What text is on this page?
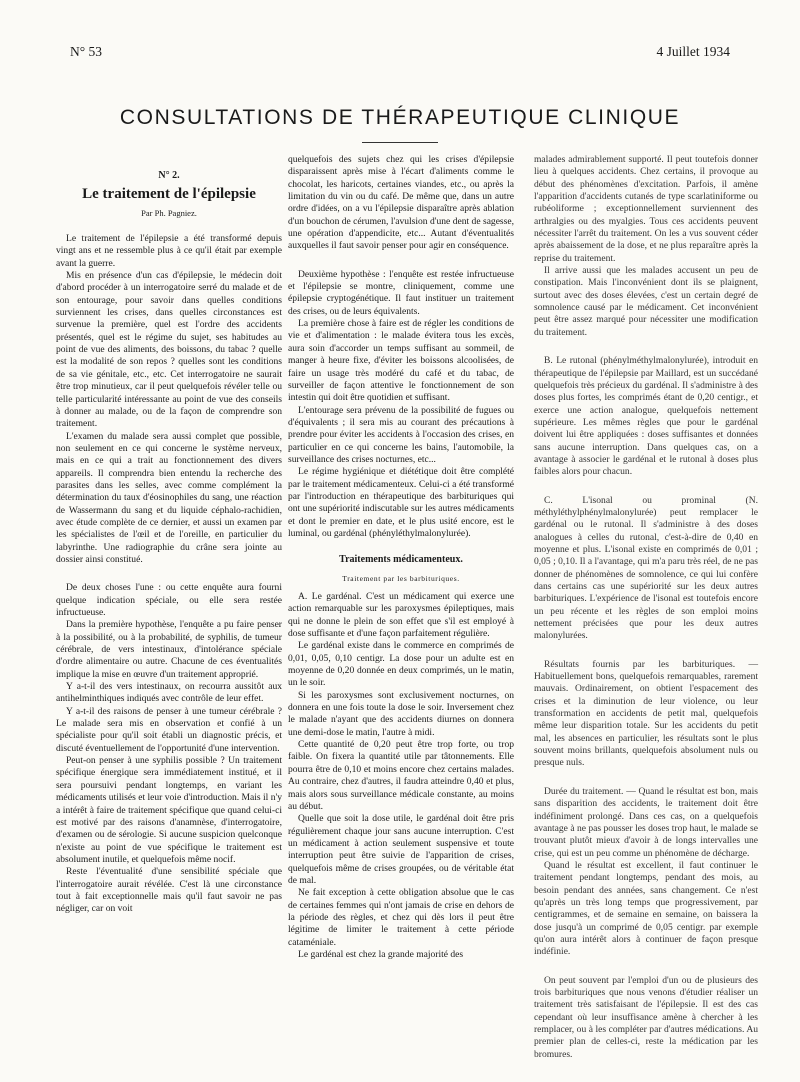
N° 53	4 Juillet 1934
CONSULTATIONS DE THÉRAPEUTIQUE CLINIQUE
N° 2.
Le traitement de l'épilepsie
Par Ph. Pagniez.

Le traitement de l'épilepsie a été transformé depuis vingt ans et ne ressemble plus à ce qu'il était par exemple avant la guerre.

Mis en présence d'un cas d'épilepsie, le médecin doit d'abord procéder à un interrogatoire serré du malade et de son entourage, pour savoir dans quelles conditions surviennent les crises, dans quelles circonstances est survenue la première, quel est l'ordre des accidents présentés, quel est le régime du sujet, ses habitudes au point de vue des aliments, des boissons, du tabac ? quelle est la modalité de son repos ? quelles sont les conditions de sa vie génitale, etc., etc. Cet interrogatoire ne saurait être trop minutieux, car il peut quelquefois révéler telle ou telle particularité intéressante au point de vue des conseils à donner au malade, ou de la façon de comprendre son traitement.

L'examen du malade sera aussi complet que possible, non seulement en ce qui concerne le système nerveux, mais en ce qui a trait au fonctionnement des divers appareils. Il comprendra bien entendu la recherche des parasites dans les selles, avec comme complément la détermination du taux d'éosinophiles du sang, une réaction de Wassermann du sang et du liquide céphalo-rachidien, avec étude complète de ce dernier, et aussi un examen par les spécialistes de l'œil et de l'oreille, en particulier du labyrinthe. Une radiographie du crâne sera jointe au dossier ainsi constitué.

De deux choses l'une : ou cette enquête aura fourni quelque indication spéciale, ou elle sera restée infructueuse.

Dans la première hypothèse, l'enquête a pu faire penser à la possibilité, ou à la probabilité, de syphilis, de tumeur cérébrale, de vers intestinaux, d'intolérance spéciale d'ordre alimentaire ou autre. Chacune de ces éventualités implique la mise en œuvre d'un traitement approprié.

Y a-t-il des vers intestinaux, on recourra aussitôt aux antihelminthiques indiqués avec contrôle de leur effet.

Y a-t-il des raisons de penser à une tumeur cérébrale ? Le malade sera mis en observation et confié à un spécialiste pour qu'il soit établi un diagnostic précis, et discuté éventuellement de l'opportunité d'une intervention.

Peut-on penser à une syphilis possible ? Un traitement spécifique énergique sera immédiatement institué, et il sera poursuivi pendant longtemps, en variant les médicaments utilisés et leur voie d'introduction. Mais il n'y a intérêt à faire de traitement spécifique que quand celui-ci est motivé par des raisons d'anamnèse, d'interrogatoire, d'examen ou de sérologie. Si aucune suspicion quelconque n'existe au point de vue spécifique le traitement est absolument inutile, et quelquefois même nocif.

Reste l'éventualité d'une sensibilité spéciale que l'interrogatoire aurait révélée. C'est là une circonstance tout à fait exceptionnelle mais qu'il faut savoir ne pas négliger, car on voit

quelquefois des sujets chez qui les crises d'épilepsie disparaissent après mise à l'écart d'aliments comme le chocolat, les haricots, certaines viandes, etc., ou après la limitation du vin ou du café. De même que, dans un autre ordre d'idées, on a vu l'épilepsie disparaître après ablation d'un bouchon de cérumen, l'avulsion d'une dent de sagesse, une opération d'appendicite, etc... Autant d'éventualités auxquelles il faut savoir penser pour agir en conséquence.

Deuxième hypothèse : l'enquête est restée infructueuse et l'épilepsie se montre, cliniquement, comme une épilepsie cryptogénétique. Il faut instituer un traitement des crises, ou de leurs équivalents.

La première chose à faire est de régler les conditions de vie et d'alimentation : le malade évitera tous les excès, aura soin d'accorder un temps suffisant au sommeil, de manger à heure fixe, d'éviter les boissons alcoolisées, de faire un usage très modéré du café et du tabac, de surveiller de façon attentive le fonctionnement de son intestin qui doit être quotidien et suffisant.

L'entourage sera prévenu de la possibilité de fugues ou d'équivalents ; il sera mis au courant des précautions à prendre pour éviter les accidents à l'occasion des crises, en particulier en ce qui concerne les bains, l'automobile, la surveillance des crises nocturnes, etc...

Le régime hygiénique et diététique doit être complété par le traitement médicamenteux. Celui-ci a été transformé par l'introduction en thérapeutique des barbituriques qui ont une supériorité indiscutable sur les autres médicaments et dont le premier en date, et le plus usité encore, est le luminal, ou gardénal (phényléthylmalonylurée).

Traitements médicamenteux.
Traitement par les barbituriques.

A. Le gardénal. C'est un médicament qui exerce une action remarquable sur les paroxysmes épileptiques, mais qui ne donne le plein de son effet que s'il est employé à dose suffisante et d'une façon parfaitement régulière.

Le gardénal existe dans le commerce en comprimés de 0,01, 0,05, 0,10 centigr. La dose pour un adulte est en moyenne de 0,20 donnée en deux comprimés, un le matin, un le soir.

Si les paroxysmes sont exclusivement nocturnes, on donnera en une fois toute la dose le soir. Inversement chez le malade n'ayant que des accidents diurnes on donnera une demi-dose le matin, l'autre à midi.

Cette quantité de 0,20 peut être trop forte, ou trop faible. On fixera la quantité utile par tâtonnements. Elle pourra être de 0,10 et moins encore chez certains malades. Au contraire, chez d'autres, il faudra atteindre 0,40 et plus, mais alors sous surveillance médicale constante, au moins au début.

Quelle que soit la dose utile, le gardénal doit être pris régulièrement chaque jour sans aucune interruption. C'est un médicament à action seulement suspensive et toute interruption peut être suivie de l'apparition de crises, quelquefois même de crises groupées, ou de véritable état de mal.

Ne fait exception à cette obligation absolue que le cas de certaines femmes qui n'ont jamais de crise en dehors de la période des règles, et chez qui dès lors il peut être légitime de limiter le traitement à cette période cataméniale.

Le gardénal est chez la grande majorité des

malades admirablement supporté. Il peut toutefois donner lieu à quelques accidents. Chez certains, il provoque au début des phénomènes d'excitation. Parfois, il amène l'apparition d'accidents cutanés de type scarlatiniforme ou rubéoliforme ; exceptionnellement surviennent des arthralgies ou des myalgies. Tous ces accidents peuvent nécessiter l'arrêt du traitement. On les a vus souvent céder après abaissement de la dose, et ne plus reparaître après la reprise du traitement.

Il arrive aussi que les malades accusent un peu de constipation. Mais l'inconvénient dont ils se plaignent, surtout avec des doses élevées, c'est un certain degré de somnolence causé par le médicament. Cet inconvénient peut être assez marqué pour nécessiter une modification du traitement.

B. Le rutonal (phénylméthylmalonylurée), introduit en thérapeutique de l'épilepsie par Maillard, est un succédané quelquefois très précieux du gardénal. Il s'administre à des doses plus fortes, les comprimés étant de 0,20 centigr., et exerce une action analogue, quelquefois nettement supérieure. Les mêmes règles que pour le gardénal doivent lui être appliquées : doses suffisantes et données sans aucune interruption. Dans quelques cas, on a avantage à associer le gardénal et le rutonal à doses plus faibles alors pour chacun.

C. L'isonal ou prominal (N. méthyléthylphénylmalonylurée) peut remplacer le gardénal ou le rutonal. Il s'administre à des doses analogues à celles du rutonal, c'est-à-dire de 0,40 en moyenne et plus. L'isonal existe en comprimés de 0,01 ; 0,05 ; 0,10. Il a l'avantage, qui m'a paru très réel, de ne pas donner de phénomènes de somnolence, ce qui lui confère dans certains cas une supériorité sur les deux autres barbituriques. L'expérience de l'isonal est toutefois encore un peu récente et les règles de son emploi moins nettement précisées que pour les deux autres malonylurées.

Résultats fournis par les barbituriques. — Habituellement bons, quelquefois remarquables, rarement mauvais. Ordinairement, on obtient l'espacement des crises et la diminution de leur violence, ou leur transformation en accidents de petit mal, quelquefois même leur disparition totale. Sur les accidents du petit mal, les absences en particulier, les résultats sont le plus souvent moins brillants, quelquefois absolument nuls ou presque nuls.

Durée du traitement. — Quand le résultat est bon, mais sans disparition des accidents, le traitement doit être indéfiniment prolongé. Dans ces cas, on a quelquefois avantage à ne pas pousser les doses trop haut, le malade se trouvant plutôt mieux d'avoir à de longs intervalles une crise, qui est un peu comme un phénomène de décharge.

Quand le résultat est excellent, il faut continuer le traitement pendant longtemps, pendant des mois, au besoin pendant des années, sans changement. Ce n'est qu'après un très long temps que progressivement, par centigrammes, et de semaine en semaine, on baissera la dose jusqu'à un comprimé de 0,05 centigr. par exemple qu'on aura intérêt alors à continuer de façon presque indéfinie.

On peut souvent par l'emploi d'un ou de plusieurs des trois barbituriques que nous venons d'étudier réaliser un traitement très satisfaisant de l'épilepsie. Il est des cas cependant où leur insuffisance amène à chercher à les remplacer, ou à les compléter par d'autres médications. Au premier plan de celles-ci, reste la médication par les bromures.
